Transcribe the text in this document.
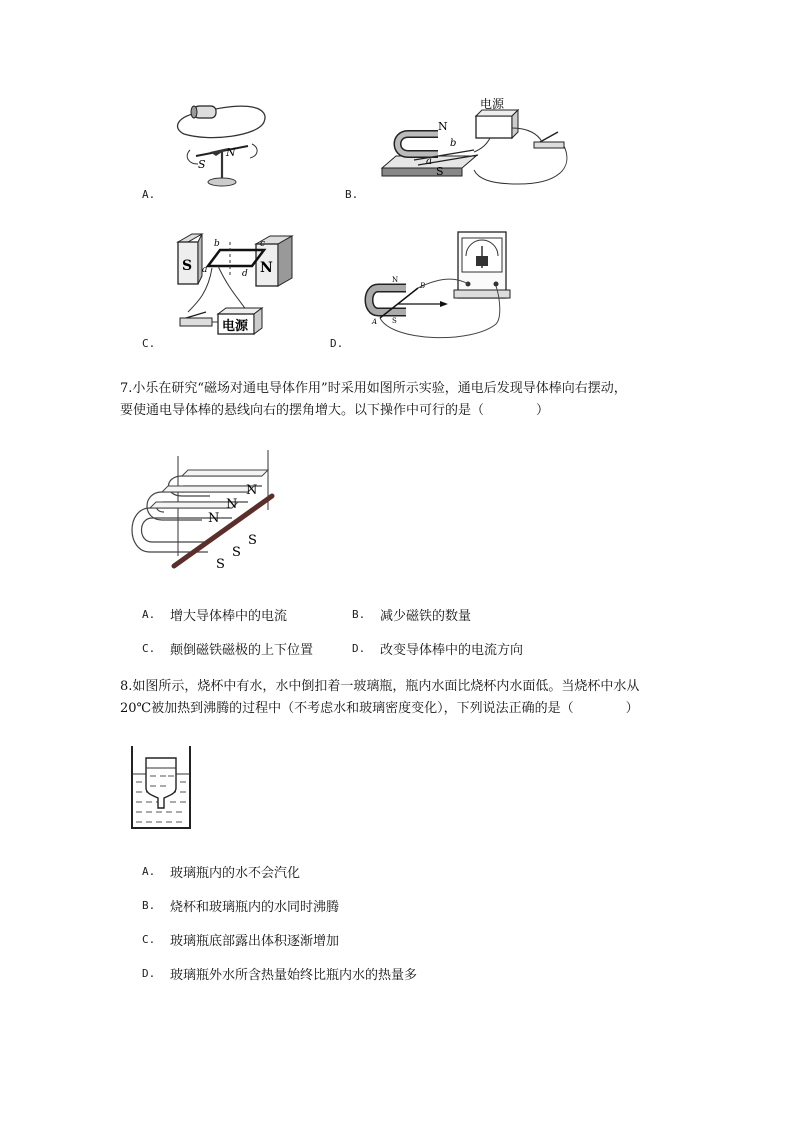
S
N
A.
电源
N
S
a
b
B.
S	N
b	c
a	d
电源
C.
N
S
A
B
D.
7.小乐在研究“磁场对通电导体作用”时采用如图所示实验，通电后发现导体棒向右摆动，
要使通电导体棒的悬线向右的摆角增大。以下操作中可行的是（　　　　）
N
N
N
S
S
S
A. 增大导体棒中的电流	B. 减少磁铁的数量
C. 颠倒磁铁磁极的上下位置	D. 改变导体棒中的电流方向
8.如图所示，烧杯中有水，水中倒扣着一玻璃瓶，瓶内水面比烧杯内水面低。当烧杯中水从
20℃被加热到沸腾的过程中（不考虑水和玻璃密度变化），下列说法正确的是（　　　　）
A. 玻璃瓶内的水不会汽化
B. 烧杯和玻璃瓶内的水同时沸腾
C. 玻璃瓶底部露出体积逐渐增加
D. 玻璃瓶外水所含热量始终比瓶内水的热量多
